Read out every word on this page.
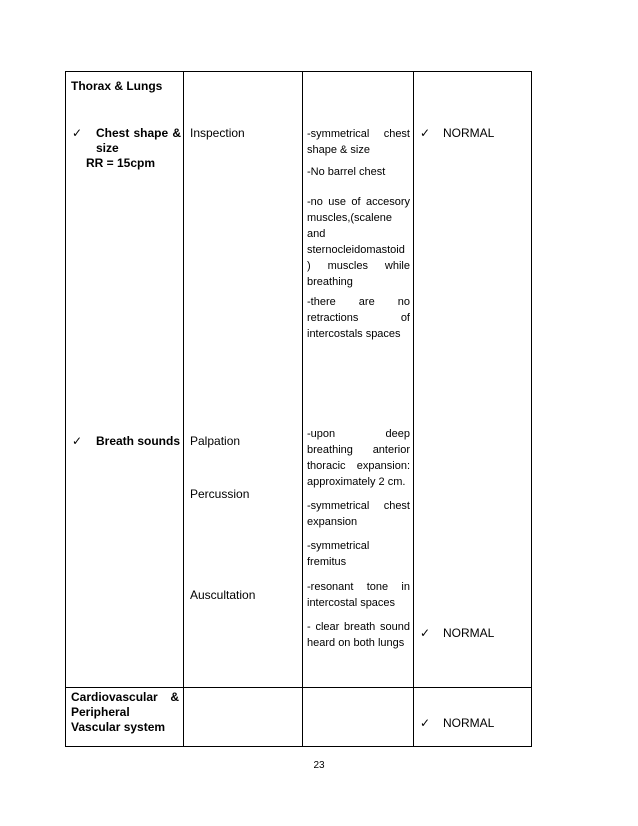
Thorax & Lungs
✓ Chest shape & size
RR = 15cpm
Inspection	-symmetrical chest shape & size
-No barrel chest
-no use of accesory muscles,(scalene and sternocleidomastoid ) muscles while breathing
-there are no retractions of intercostals spaces
✓ NORMAL
✓ Breath sounds Palpation
Percussion
Auscultation
-upon deep breathing anterior thoracic expansion: approximately 2 cm.
-symmetrical chest expansion
-symmetrical fremitus
-resonant tone in intercostal spaces
- clear breath sound heard on both lungs
✓ NORMAL
Cardiovascular & Peripheral Vascular system	✓ NORMAL
23
